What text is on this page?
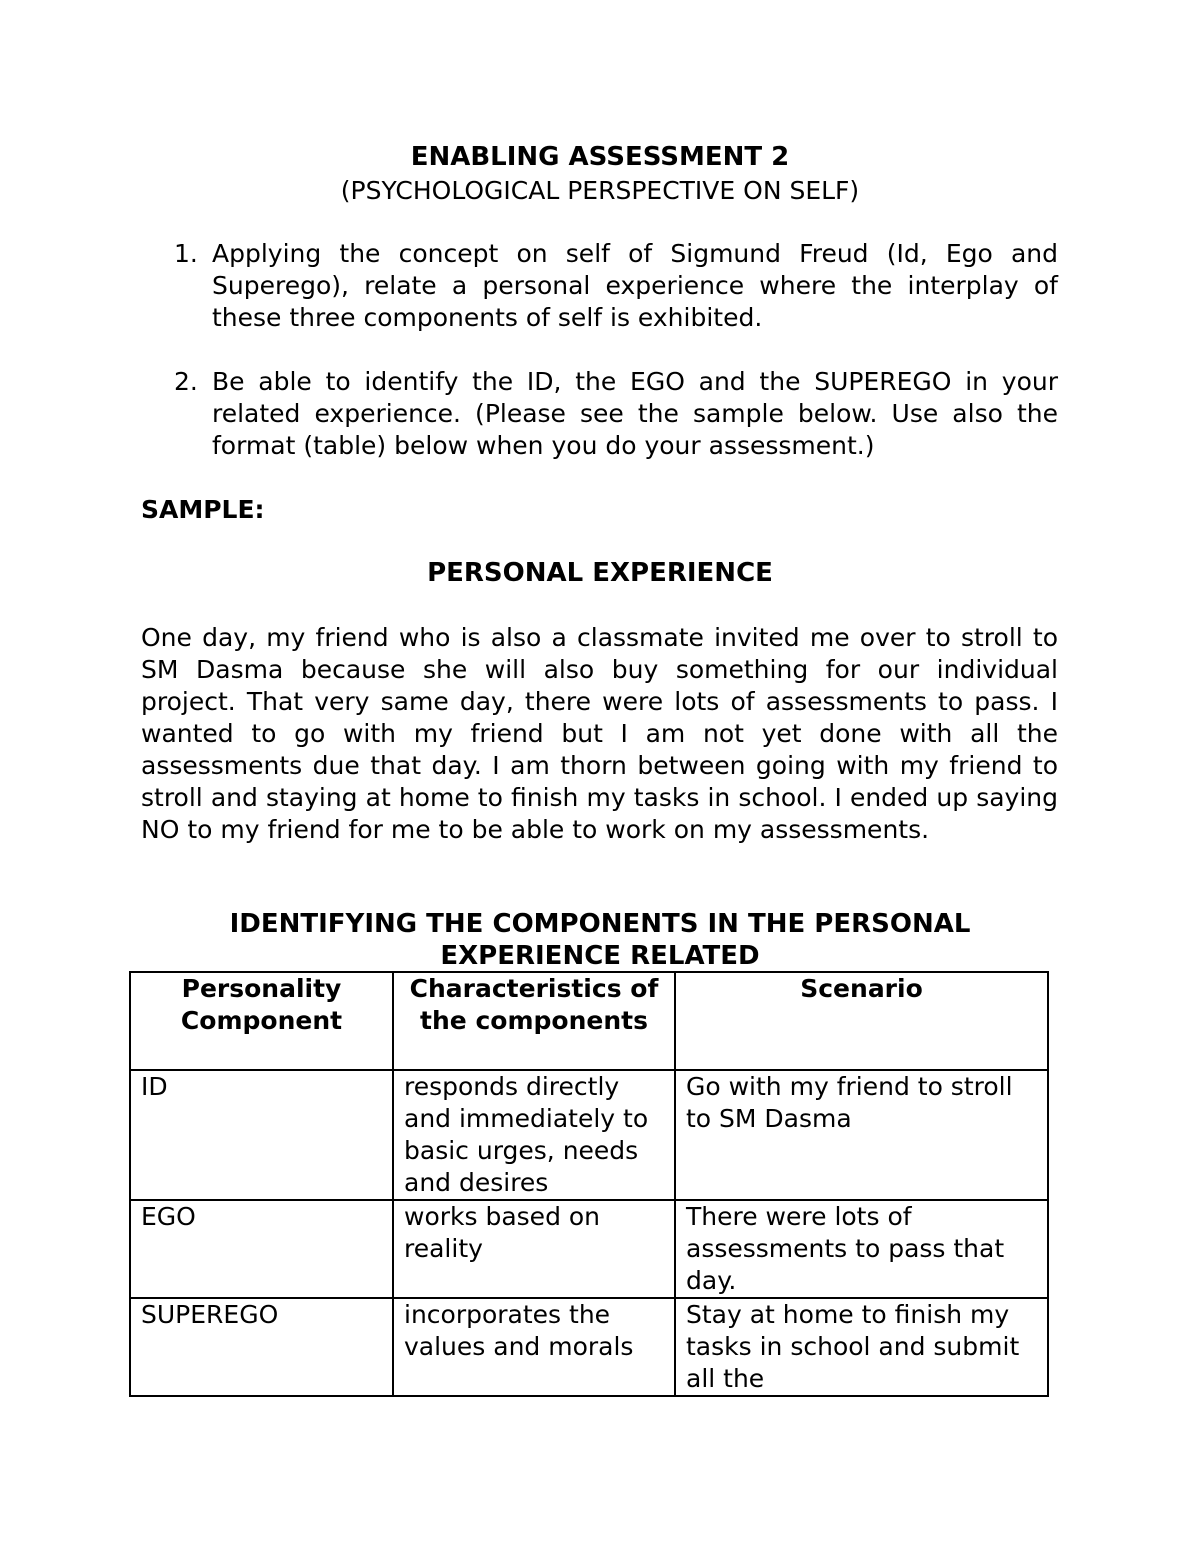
ENABLING ASSESSMENT 2
(PSYCHOLOGICAL PERSPECTIVE ON SELF)
1. Applying the concept on self of Sigmund Freud (Id, Ego and Superego), relate a personal experience where the interplay of these three components of self is exhibited.
2. Be able to identify the ID, the EGO and the SUPEREGO in your related experience. (Please see the sample below. Use also the format (table) below when you do your assessment.)
SAMPLE:
PERSONAL EXPERIENCE
One day, my friend who is also a classmate invited me over to stroll to SM Dasma because she will also buy something for our individual project. That very same day, there were lots of assessments to pass. I wanted to go with my friend but I am not yet done with all the assessments due that day. I am thorn between going with my friend to stroll and staying at home to finish my tasks in school. I ended up saying NO to my friend for me to be able to work on my assessments.
IDENTIFYING THE COMPONENTS IN THE PERSONAL EXPERIENCE RELATED
Personality Component	Characteristics of the components	Scenario
ID	responds directly and immediately to basic urges, needs and desires	Go with my friend to stroll to SM Dasma
EGO	works based on reality	There were lots of assessments to pass that day.
SUPEREGO	incorporates the values and morals	Stay at home to finish my tasks in school and submit all the
